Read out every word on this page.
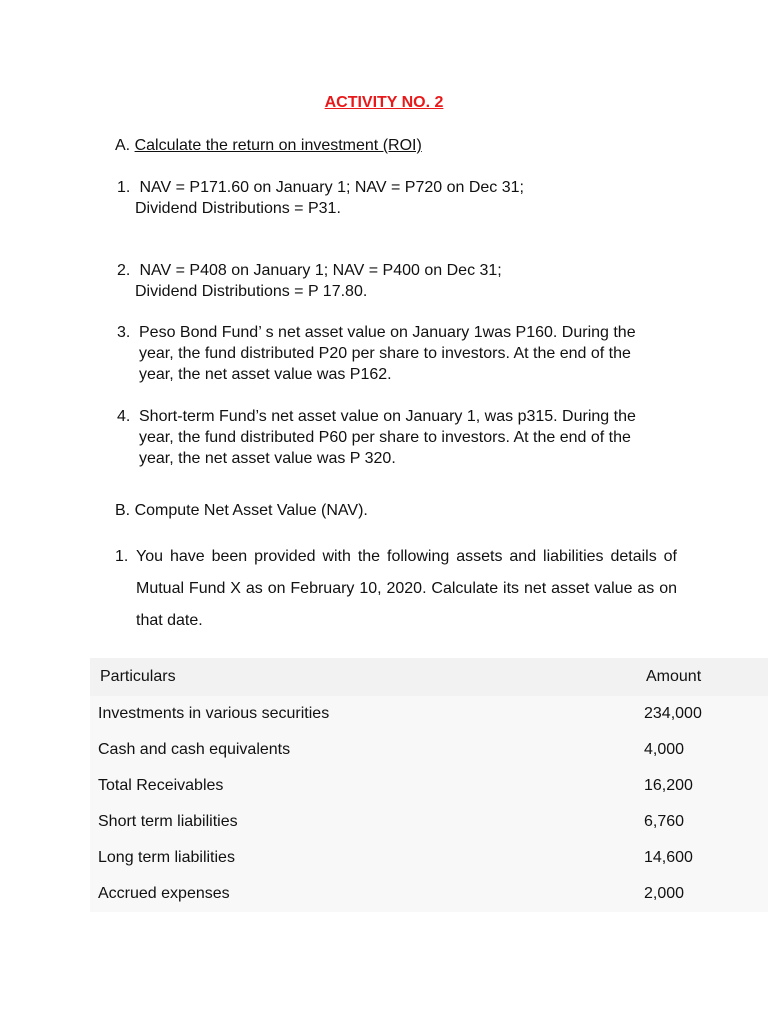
ACTIVITY NO. 2
A. Calculate the return on investment (ROI)
1. NAV = P171.60 on January 1; NAV = P720 on Dec 31;
Dividend Distributions = P31.
2. NAV = P408 on January 1; NAV = P400 on Dec 31;
Dividend Distributions = P 17.80.
3. Peso Bond Fund’ s net asset value on January 1was P160. During the year, the fund distributed P20 per share to investors. At the end of the year, the net asset value was P162.
4. Short-term Fund’s net asset value on January 1, was p315. During the year, the fund distributed P60 per share to investors. At the end of the year, the net asset value was P 320.
B. Compute Net Asset Value (NAV).
1. You have been provided with the following assets and liabilities details of Mutual Fund X as on February 10, 2020. Calculate its net asset value as on that date.
Particulars	Amount
Investments in various securities	234,000
Cash and cash equivalents	4,000
Total Receivables	16,200
Short term liabilities	6,760
Long term liabilities	14,600
Accrued expenses	2,000
